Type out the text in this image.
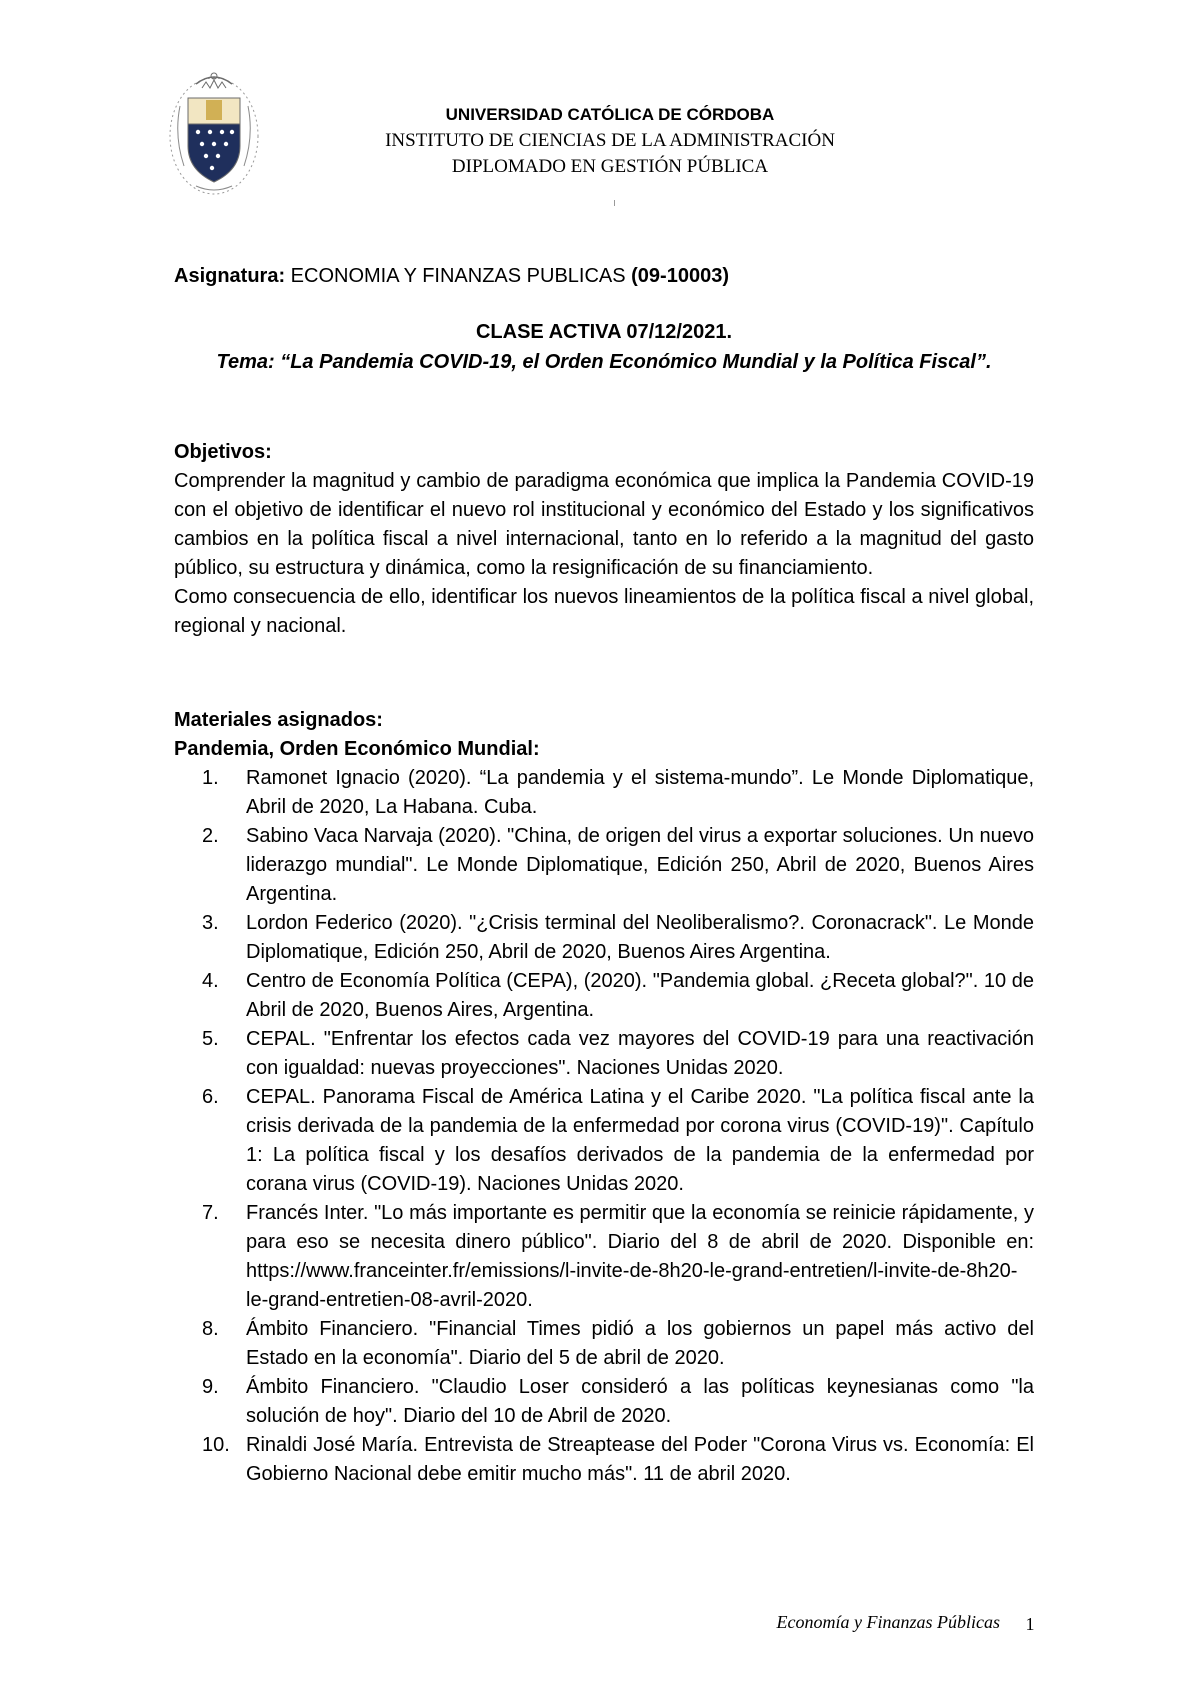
UNIVERSIDAD CATÓLICA DE CÓRDOBA
INSTITUTO DE CIENCIAS DE LA ADMINISTRACIÓN
DIPLOMADO EN GESTIÓN PÚBLICA
Asignatura: ECONOMIA Y FINANZAS PUBLICAS (09-10003)
CLASE ACTIVA 07/12/2021.
Tema: “La Pandemia COVID-19, el Orden Económico Mundial y la Política Fiscal”.
Objetivos:
Comprender la magnitud y cambio de paradigma económica que implica la Pandemia COVID-19 con el objetivo de identificar el nuevo rol institucional y económico del Estado y los significativos cambios en la política fiscal a nivel internacional, tanto en lo referido a la magnitud del gasto público, su estructura y dinámica, como la resignificación de su financiamiento.
Como consecuencia de ello, identificar los nuevos lineamientos de la política fiscal a nivel global, regional y nacional.
Materiales asignados:
Pandemia, Orden Económico Mundial:
1.	Ramonet Ignacio (2020). “La pandemia y el sistema-mundo”. Le Monde Diplomatique, Abril de 2020, La Habana. Cuba.
2.	Sabino Vaca Narvaja (2020). "China, de origen del virus a exportar soluciones. Un nuevo liderazgo mundial". Le Monde Diplomatique, Edición 250, Abril de 2020, Buenos Aires Argentina.
3.	Lordon Federico (2020). "¿Crisis terminal del Neoliberalismo?. Coronacrack". Le Monde Diplomatique, Edición 250, Abril de 2020, Buenos Aires Argentina.
4.	Centro de Economía Política (CEPA), (2020). "Pandemia global. ¿Receta global?". 10 de Abril de 2020, Buenos Aires, Argentina.
5.	CEPAL. "Enfrentar los efectos cada vez mayores del COVID-19 para una reactivación con igualdad: nuevas proyecciones". Naciones Unidas 2020.
6.	CEPAL. Panorama Fiscal de América Latina y el Caribe 2020. "La política fiscal ante la crisis derivada de la pandemia de la enfermedad por corona virus (COVID-19)". Capítulo 1: La política fiscal y los desafíos derivados de la pandemia de la enfermedad por corana virus (COVID-19). Naciones Unidas 2020.
7.	Francés Inter. "Lo más importante es permitir que la economía se reinicie rápidamente, y para eso se necesita dinero público". Diario del 8 de abril de 2020. Disponible en: https://www.franceinter.fr/emissions/l-invite-de-8h20-le-grand-entretien/l-invite-de-8h20-le-grand-entretien-08-avril-2020.
8.	Ámbito Financiero. "Financial Times pidió a los gobiernos un papel más activo del Estado en la economía". Diario del 5 de abril de 2020.
9.	Ámbito Financiero. "Claudio Loser consideró a las políticas keynesianas como "la solución de hoy". Diario del 10 de Abril de 2020.
10. Rinaldi José María. Entrevista de Streaptease del Poder "Corona Virus vs. Economía: El Gobierno Nacional debe emitir mucho más". 11 de abril 2020.
Economía y Finanzas Públicas	1
